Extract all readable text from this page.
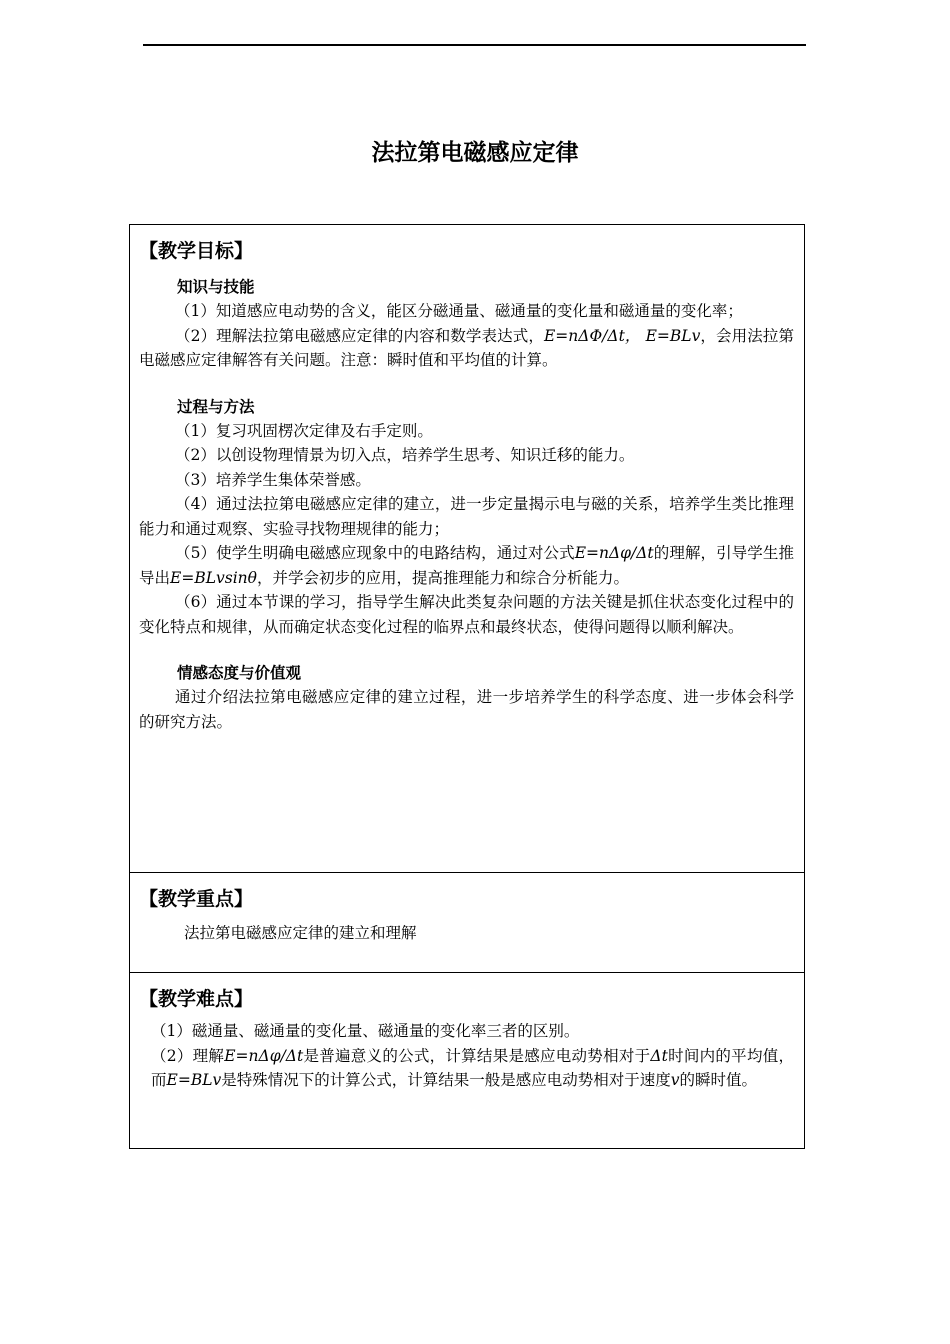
法拉第电磁感应定律
【教学目标】
知识与技能

（1）知道感应电动势的含义，能区分磁通量、磁通量的变化量和磁通量的变化率；

（2）理解法拉第电磁感应定律的内容和数学表达式，E=nΔΦ/Δt， E=BLv，会用法拉第电磁感应定律解答有关问题。注意：瞬时值和平均值的计算。

过程与方法

（1）复习巩固楞次定律及右手定则。

（2）以创设物理情景为切入点，培养学生思考、知识迁移的能力。

（3）培养学生集体荣誉感。

（4）通过法拉第电磁感应定律的建立，进一步定量揭示电与磁的关系，培养学生类比推理能力和通过观察、实验寻找物理规律的能力；

（5）使学生明确电磁感应现象中的电路结构，通过对公式E=nΔφ/Δt的理解，引导学生推导出E=BLvsinθ，并学会初步的应用，提高推理能力和综合分析能力。

（6）通过本节课的学习，指导学生解决此类复杂问题的方法关键是抓住状态变化过程中的变化特点和规律，从而确定状态变化过程的临界点和最终状态，使得问题得以顺利解决。

情感态度与价值观

通过介绍法拉第电磁感应定律的建立过程，进一步培养学生的科学态度、进一步体会科学的研究方法。

【教学重点】
法拉第电磁感应定律的建立和理解
【教学难点】

（1）磁通量、磁通量的变化量、磁通量的变化率三者的区别。

（2）理解E=nΔφ/Δt是普遍意义的公式，计算结果是感应电动势相对于Δt时间内的平均值，而E=BLv是特殊情况下的计算公式，计算结果一般是感应电动势相对于速度v的瞬时值。
